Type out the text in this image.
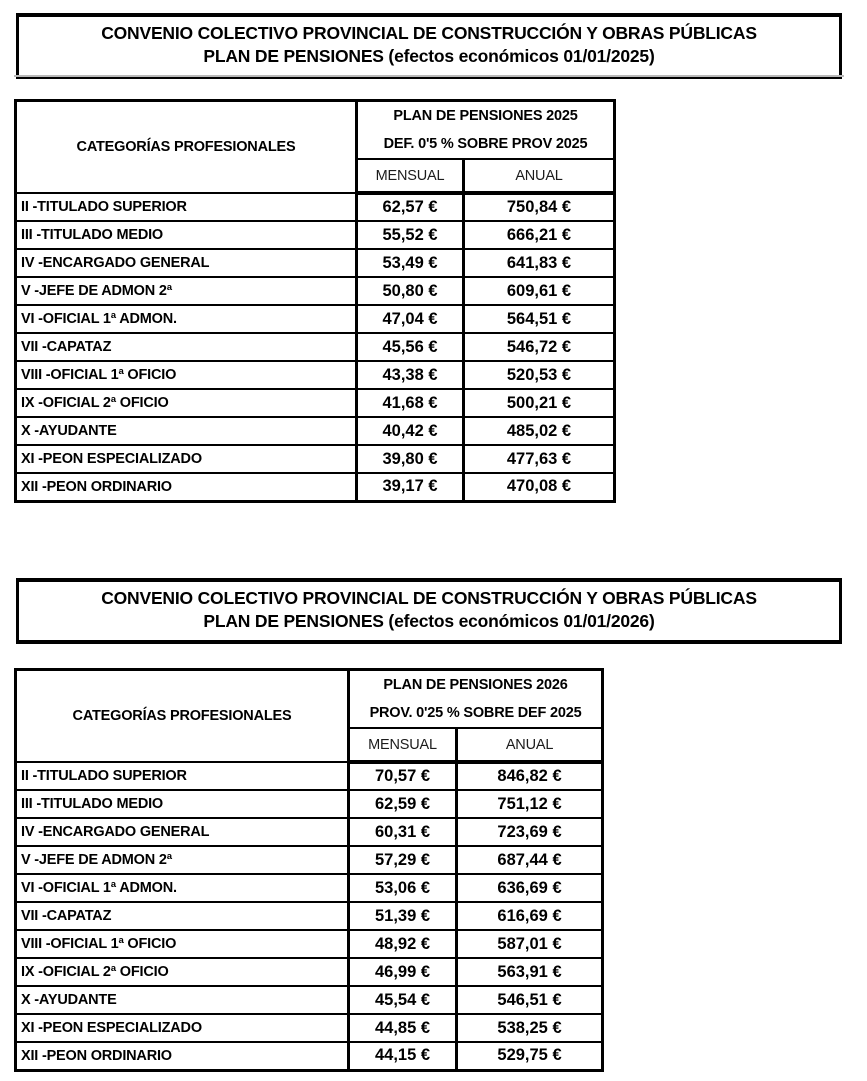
CONVENIO COLECTIVO PROVINCIAL DE CONSTRUCCIÓN Y OBRAS PÚBLICAS
PLAN DE PENSIONES (efectos económicos 01/01/2025)
CATEGORÍAS PROFESIONALES	PLAN DE PENSIONES 2025
DEF. 0'5 % SOBRE PROV 2025	

	MENSUAL	ANUAL
II -TITULADO SUPERIOR	62,57 €	750,84 €
III -TITULADO MEDIO	55,52 €	666,21 €
IV -ENCARGADO GENERAL	53,49 €	641,83 €
V -JEFE DE ADMON 2ª	50,80 €	609,61 €
VI -OFICIAL 1ª ADMON.	47,04 €	564,51 €
VII -CAPATAZ	45,56 €	546,72 €
VIII -OFICIAL 1ª OFICIO	43,38 €	520,53 €
IX -OFICIAL 2ª OFICIO	41,68 €	500,21 €
X -AYUDANTE	40,42 €	485,02 €
XI -PEON ESPECIALIZADO	39,80 €	477,63 €
XII -PEON ORDINARIO	39,17 €	470,08 €
CONVENIO COLECTIVO PROVINCIAL DE CONSTRUCCIÓN Y OBRAS PÚBLICAS
PLAN DE PENSIONES (efectos económicos 01/01/2026)
CATEGORÍAS PROFESIONALES	PLAN DE PENSIONES 2026
PROV. 0'25 % SOBRE DEF 2025	

	MENSUAL	ANUAL
II -TITULADO SUPERIOR	70,57 €	846,82 €
III -TITULADO MEDIO	62,59 €	751,12 €
IV -ENCARGADO GENERAL	60,31 €	723,69 €
V -JEFE DE ADMON 2ª	57,29 €	687,44 €
VI -OFICIAL 1ª ADMON.	53,06 €	636,69 €
VII -CAPATAZ	51,39 €	616,69 €
VIII -OFICIAL 1ª OFICIO	48,92 €	587,01 €
IX -OFICIAL 2ª OFICIO	46,99 €	563,91 €
X -AYUDANTE	45,54 €	546,51 €
XI -PEON ESPECIALIZADO	44,85 €	538,25 €
XII -PEON ORDINARIO	44,15 €	529,75 €
